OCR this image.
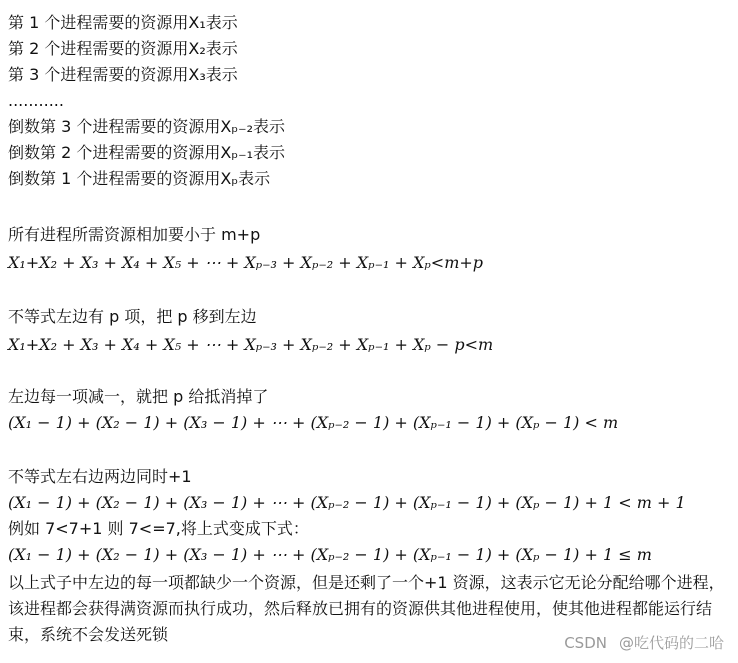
第 1 个进程需要的资源用X₁表示
第 2 个进程需要的资源用X₂表示
第 3 个进程需要的资源用X₃表示
...........
倒数第 3 个进程需要的资源用Xₚ₋₂表示
倒数第 2 个进程需要的资源用Xₚ₋₁表示
倒数第 1 个进程需要的资源用Xₚ表示
所有进程所需资源相加要小于 m+p
X₁+X₂ + X₃ + X₄ + X₅ + ⋯ + Xₚ₋₃ + Xₚ₋₂ + Xₚ₋₁ + Xₚ<m+p
不等式左边有 p 项，把 p 移到左边
X₁+X₂ + X₃ + X₄ + X₅ + ⋯ + Xₚ₋₃ + Xₚ₋₂ + Xₚ₋₁ + Xₚ − p<m
左边每一项减一，就把 p 给抵消掉了
(X₁ − 1) + (X₂ − 1) + (X₃ − 1) + ⋯ + (Xₚ₋₂ − 1) + (Xₚ₋₁ − 1) + (Xₚ − 1) < m
不等式左右边两边同时+1
(X₁ − 1) + (X₂ − 1) + (X₃ − 1) + ⋯ + (Xₚ₋₂ − 1) + (Xₚ₋₁ − 1) + (Xₚ − 1) + 1 < m + 1
例如 7<7+1 则 7<=7,将上式变成下式：
(X₁ − 1) + (X₂ − 1) + (X₃ − 1) + ⋯ + (Xₚ₋₂ − 1) + (Xₚ₋₁ − 1) + (Xₚ − 1) + 1 ≤ m
以上式子中左边的每一项都缺少一个资源，但是还剩了一个+1 资源，这表示它无论分配给哪个进程，该进程都会获得满资源而执行成功，然后释放已拥有的资源供其他进程使用，使其他进程都能运行结束，系统不会发送死锁	CSDN @吃代码的二哈
